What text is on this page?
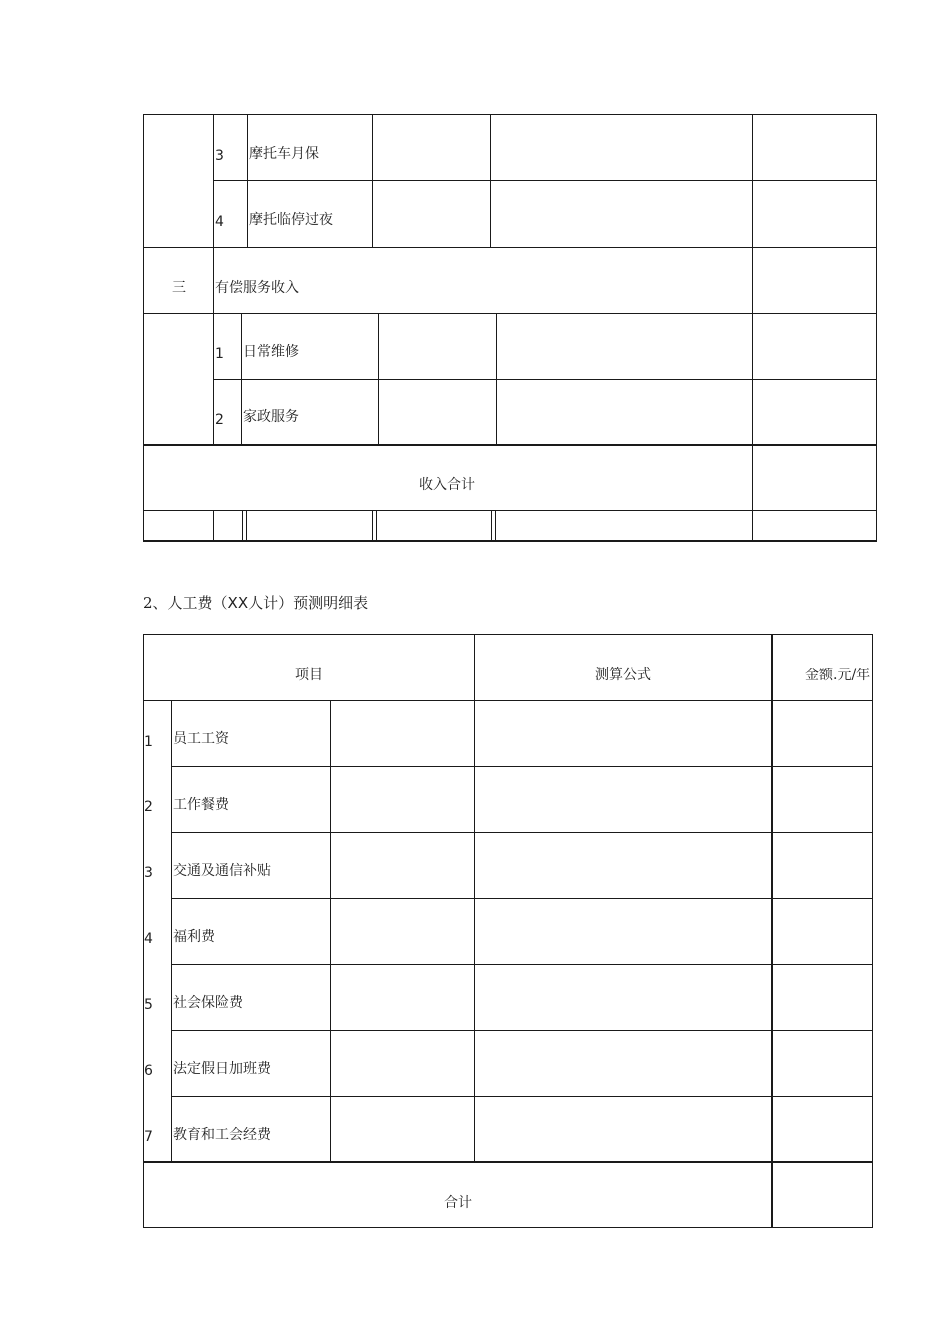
3 摩托车月保
4 摩托临停过夜
三 有偿服务收入
1 日常维修
2 家政服务
收入合计
2、人工费（XX人计）预测明细表
项目	测算公式	金额.元/年
1 员工工资
2 工作餐费
3 交通及通信补贴
4 福利费
5 社会保险费
6 法定假日加班费
7 教育和工会经费
合计
